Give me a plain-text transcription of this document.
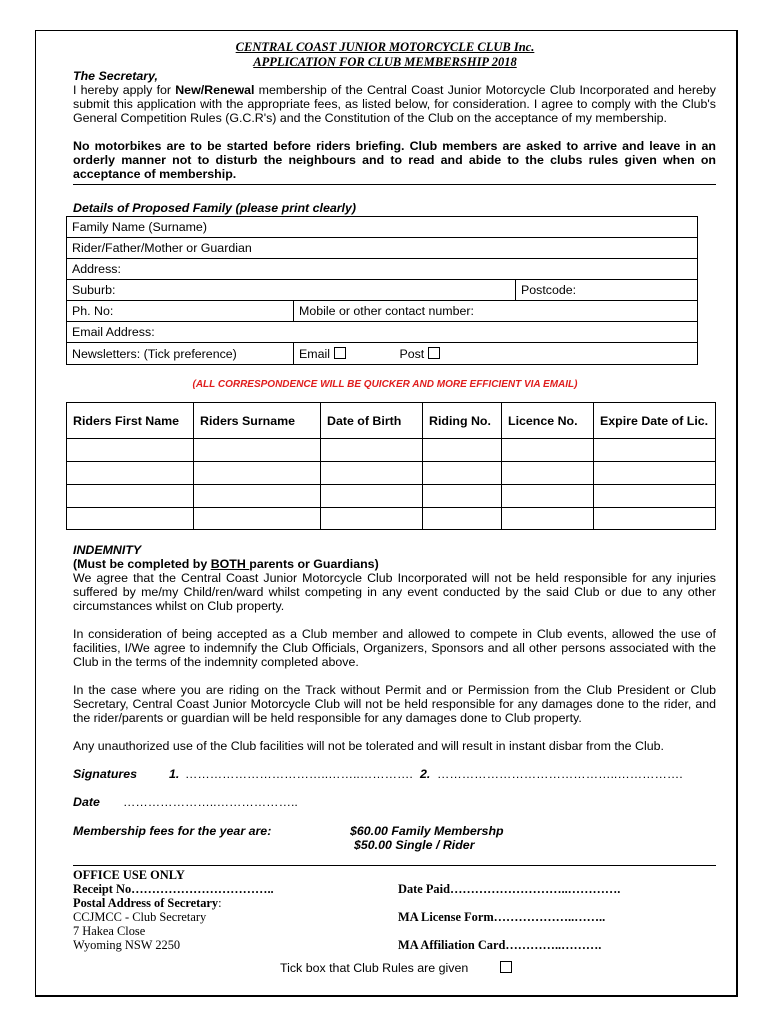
CENTRAL COAST JUNIOR MOTORCYCLE CLUB Inc.
APPLICATION FOR CLUB MEMBERSHIP 2018
The Secretary,
I hereby apply for New/Renewal membership of the Central Coast Junior Motorcycle Club Incorporated and hereby submit this application with the appropriate fees, as listed below, for consideration. I agree to comply with the Club's General Competition Rules (G.C.R's) and the Constitution of the Club on the acceptance of my membership.
No motorbikes are to be started before riders briefing. Club members are asked to arrive and leave in an orderly manner not to disturb the neighbours and to read and abide to the clubs rules given when on acceptance of membership.
Details of Proposed Family (please print clearly)
Family Name (Surname)		
Rider/Father/Mother or Guardian		
Address:		
Suburb:		Postcode:
Ph. No:	Mobile or other contact number:	
Email Address:		
Newsletters: (Tick preference)	Email Post	
(ALL CORRESPONDENCE WILL BE QUICKER AND MORE EFFICIENT VIA EMAIL)
Riders First Name	Riders Surname	Date of Birth	Riding No.	Licence No.	Expire Date of Lic.

INDEMNITY
(Must be completed by BOTH parents or Guardians)
We agree that the Central Coast Junior Motorcycle Club Incorporated will not be held responsible for any injuries suffered by me/my Child/ren/ward whilst competing in any event conducted by the said Club or due to any other circumstances whilst on Club property.
In consideration of being accepted as a Club member and allowed to compete in Club events, allowed the use of facilities, I/We agree to indemnify the Club Officials, Organizers, Sponsors and all other persons associated with the Club in the terms of the indemnity completed above.
In the case where you are riding on the Track without Permit and or Permission from the Club President or Club Secretary, Central Coast Junior Motorcycle Club will not be held responsible for any damages done to the rider, and the rider/parents or guardian will be held responsible for any damages done to Club property.
Any unauthorized use of the Club facilities will not be tolerated and will result in instant disbar from the Club.
Signatures	1. ……………………………..……..…………. 2. ……………………………………..…………….
Date …………………..………………..
Membership fees for the year are:	$60.00 Family Membershp
$50.00 Single / Rider
OFFICE USE ONLY
Receipt No……………………………..	Date Paid………………………..………….
Postal Address of Secretary:
CCJMCC - Club Secretary	MA License Form………………..……..
7 Hakea Close
Wyoming NSW 2250	MA Affiliation Card…………..……….
Tick box that Club Rules are given
